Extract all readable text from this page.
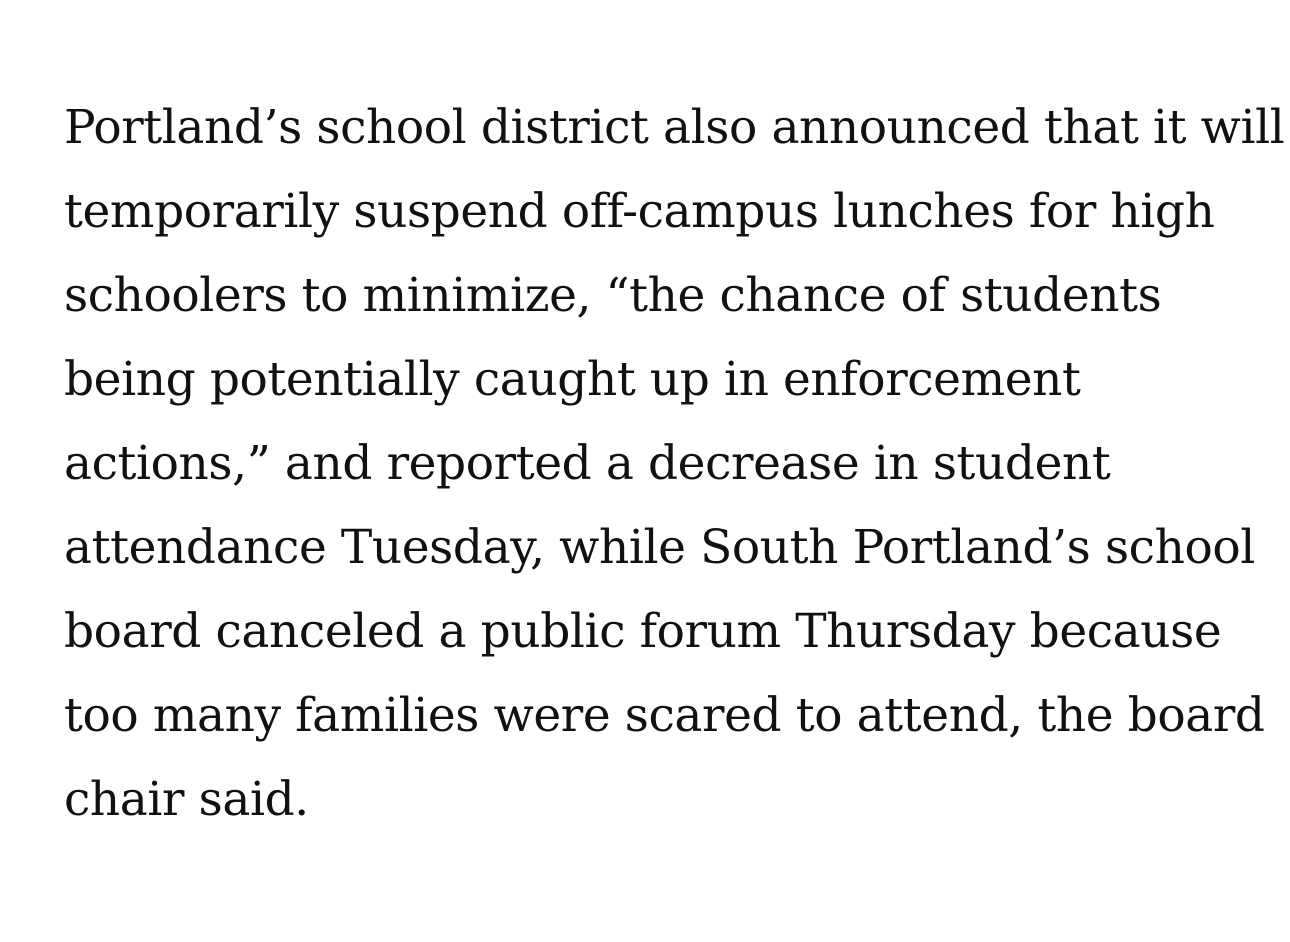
Portland’s school district also announced that it will
temporarily suspend off-campus lunches for high
schoolers to minimize, “the chance of students
being potentially caught up in enforcement
actions,” and reported a decrease in student
attendance Tuesday, while South Portland’s school
board canceled a public forum Thursday because
too many families were scared to attend, the board
chair said.
